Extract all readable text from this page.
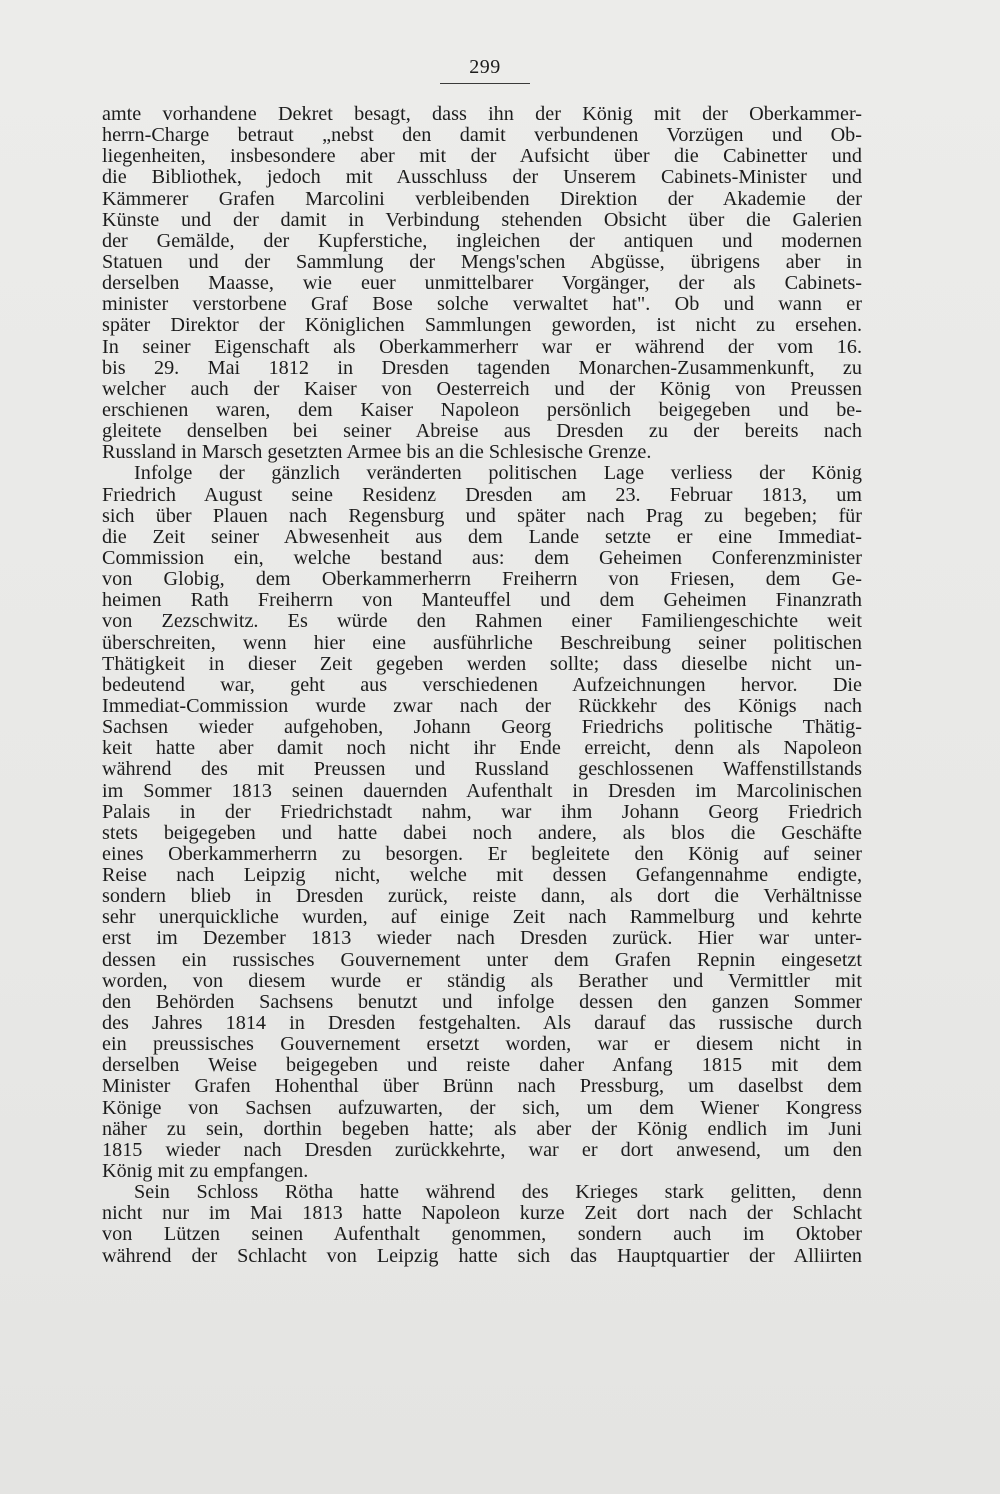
299
amte vorhandene Dekret besagt, dass ihn der König mit der Oberkammer-
herrn-Charge betraut „nebst den damit verbundenen Vorzügen und Ob-
liegenheiten, insbesondere aber mit der Aufsicht über die Cabinetter und
die Bibliothek, jedoch mit Ausschluss der Unserem Cabinets-Minister und
Kämmerer Grafen Marcolini verbleibenden Direktion der Akademie der
Künste und der damit in Verbindung stehenden Obsicht über die Galerien
der Gemälde, der Kupferstiche, ingleichen der antiquen und modernen
Statuen und der Sammlung der Mengs'schen Abgüsse, übrigens aber in
derselben Maasse, wie euer unmittelbarer Vorgänger, der als Cabinets-
minister verstorbene Graf Bose solche verwaltet hat". Ob und wann er
später Direktor der Königlichen Sammlungen geworden, ist nicht zu ersehen.
In seiner Eigenschaft als Oberkammerherr war er während der vom 16.
bis 29. Mai 1812 in Dresden tagenden Monarchen-Zusammenkunft, zu
welcher auch der Kaiser von Oesterreich und der König von Preussen
erschienen waren, dem Kaiser Napoleon persönlich beigegeben und be-
gleitete denselben bei seiner Abreise aus Dresden zu der bereits nach
Russland in Marsch gesetzten Armee bis an die Schlesische Grenze.
Infolge der gänzlich veränderten politischen Lage verliess der König
Friedrich August seine Residenz Dresden am 23. Februar 1813, um
sich über Plauen nach Regensburg und später nach Prag zu begeben; für
die Zeit seiner Abwesenheit aus dem Lande setzte er eine Immediat-
Commission ein, welche bestand aus: dem Geheimen Conferenzminister
von Globig, dem Oberkammerherrn Freiherrn von Friesen, dem Ge-
heimen Rath Freiherrn von Manteuffel und dem Geheimen Finanzrath
von Zezschwitz. Es würde den Rahmen einer Familiengeschichte weit
überschreiten, wenn hier eine ausführliche Beschreibung seiner politischen
Thätigkeit in dieser Zeit gegeben werden sollte; dass dieselbe nicht un-
bedeutend war, geht aus verschiedenen Aufzeichnungen hervor. Die
Immediat-Commission wurde zwar nach der Rückkehr des Königs nach
Sachsen wieder aufgehoben, Johann Georg Friedrichs politische Thätig-
keit hatte aber damit noch nicht ihr Ende erreicht, denn als Napoleon
während des mit Preussen und Russland geschlossenen Waffenstillstands
im Sommer 1813 seinen dauernden Aufenthalt in Dresden im Marcolinischen
Palais in der Friedrichstadt nahm, war ihm Johann Georg Friedrich
stets beigegeben und hatte dabei noch andere, als blos die Geschäfte
eines Oberkammerherrn zu besorgen. Er begleitete den König auf seiner
Reise nach Leipzig nicht, welche mit dessen Gefangennahme endigte,
sondern blieb in Dresden zurück, reiste dann, als dort die Verhältnisse
sehr unerquickliche wurden, auf einige Zeit nach Rammelburg und kehrte
erst im Dezember 1813 wieder nach Dresden zurück. Hier war unter-
dessen ein russisches Gouvernement unter dem Grafen Repnin eingesetzt
worden, von diesem wurde er ständig als Berather und Vermittler mit
den Behörden Sachsens benutzt und infolge dessen den ganzen Sommer
des Jahres 1814 in Dresden festgehalten. Als darauf das russische durch
ein preussisches Gouvernement ersetzt worden, war er diesem nicht in
derselben Weise beigegeben und reiste daher Anfang 1815 mit dem
Minister Grafen Hohenthal über Brünn nach Pressburg, um daselbst dem
Könige von Sachsen aufzuwarten, der sich, um dem Wiener Kongress
näher zu sein, dorthin begeben hatte; als aber der König endlich im Juni
1815 wieder nach Dresden zurückkehrte, war er dort anwesend, um den
König mit zu empfangen.
Sein Schloss Rötha hatte während des Krieges stark gelitten, denn
nicht nur im Mai 1813 hatte Napoleon kurze Zeit dort nach der Schlacht
von Lützen seinen Aufenthalt genommen, sondern auch im Oktober
während der Schlacht von Leipzig hatte sich das Hauptquartier der Alliirten
